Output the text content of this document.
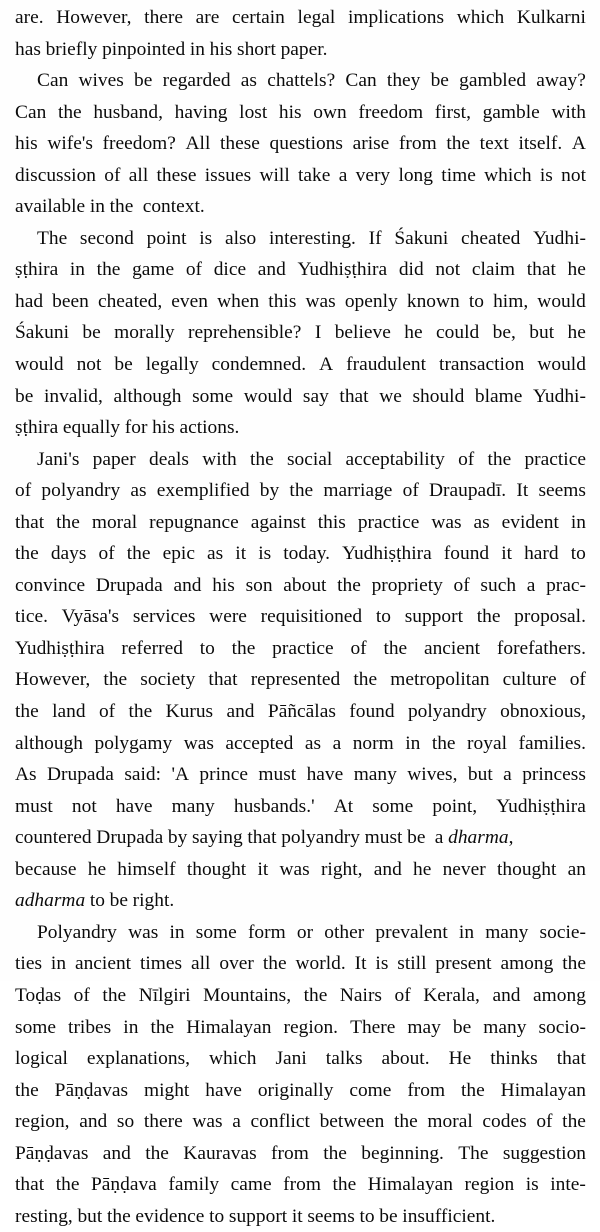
are. However, there are certain legal implications which Kulkarni
has briefly pinpointed in his short paper.

Can wives be regarded as chattels? Can they be gambled away?
Can the husband, having lost his own freedom first, gamble with
his wife's freedom? All these questions arise from the text itself. A
discussion of all these issues will take a very long time which is not
available in the  context.

The second point is also interesting. If Śakuni cheated Yudhi-
ṣṭhira in the game of dice and Yudhiṣṭhira did not claim that he
had been cheated, even when this was openly known to him, would
Śakuni be morally reprehensible? I believe he could be, but he
would not be legally condemned. A fraudulent transaction would
be invalid, although some would say that we should blame Yudhi-
ṣṭhira equally for his actions.

Jani's paper deals with the social acceptability of the practice
of polyandry as exemplified by the marriage of Draupadī. It seems
that the moral repugnance against this practice was as evident in
the days of the epic as it is today. Yudhiṣṭhira found it hard to
convince Drupada and his son about the propriety of such a prac-
tice. Vyāsa's services were requisitioned to support the proposal.
Yudhiṣṭhira referred to the practice of the ancient forefathers.
However, the society that represented the metropolitan culture of
the land of the Kurus and Pāñcālas found polyandry obnoxious,
although polygamy was accepted as a norm in the royal families.
As Drupada said: 'A prince must have many wives, but a princess
must not have many husbands.' At some point, Yudhiṣṭhira
countered Drupada by saying that polyandry must be  a dharma,
because he himself thought it was right, and he never thought an
adharma to be right.

Polyandry was in some form or other prevalent in many socie-
ties in ancient times all over the world. It is still present among the
Toḍas of the Nīlgiri Mountains, the Nairs of Kerala, and among
some tribes in the Himalayan region. There may be many socio-
logical explanations, which Jani talks about. He thinks that
the Pāṇḍavas might have originally come from the Himalayan
region, and so there was a conflict between the moral codes of the
Pāṇḍavas and the Kauravas from the beginning. The suggestion
that the Pāṇḍava family came from the Himalayan region is inte-
resting, but the evidence to support it seems to be insufficient.
